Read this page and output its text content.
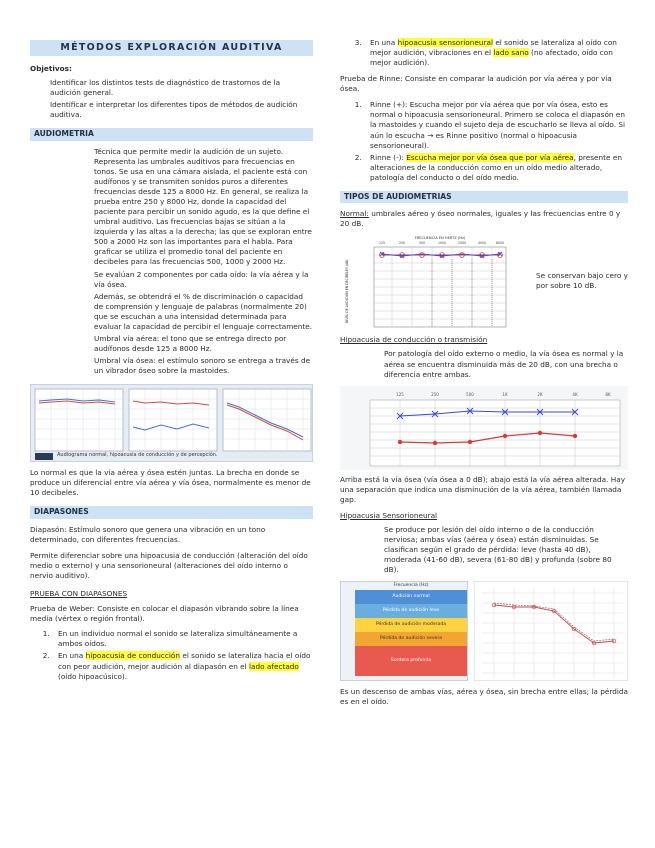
MÉTODOS EXPLORACIÓN AUDITIVA

Objetivos:

Identificar los distintos tests de diagnóstico de trastornos de la audición general.

Identificar e interpretar los diferentes tipos de métodos de audición auditiva.

AUDIOMETRIA

Técnica que permite medir la audición de un sujeto. Representa las umbrales auditivos para frecuencias en tonos. Se usa en una cámara aislada, el paciente está con audífonos y se transmiten sonidos puros a diferentes frecuencias desde 125 a 8000 Hz. En general, se realiza la prueba entre 250 y 8000 Hz, donde la capacidad del paciente para percibir un sonido agudo, es la que define el umbral auditivo. Las frecuencias bajas se sitúan a la izquierda y las altas a la derecha; las que se exploran entre 500 a 2000 Hz son las importantes para el habla. Para graficar se utiliza el promedio tonal del paciente en decibeles para las frecuencias 500, 1000 y 2000 Hz.

Se evalúan 2 componentes por cada oído: la vía aérea y la vía ósea.

Además, se obtendrá el % de discriminación o capacidad de comprensión y lenguaje de palabras (normalmente 20) que se escuchan a una intensidad determinada para evaluar la capacidad de percibir el lenguaje correctamente.

Umbral vía aérea: el tono que se entrega directo por audífonos desde 125 a 8000 Hz.

Umbral vía ósea: el estímulo sonoro se entrega a través de un vibrador óseo sobre la mastoides.

Audiograma normal, hipoacusia de conducción y de percepción.

Lo normal es que la vía aérea y ósea estén juntas. La brecha en donde se produce un diferencial entre vía aérea y vía ósea, normalmente es menor de 10 decibeles.

DIAPASONES

Diapasón: Estímulo sonoro que genera una vibración en un tono determinado, con diferentes frecuencias.

Permite diferenciar sobre una hipoacusia de conducción (alteración del oído medio o externo) y una sensorioneural (alteraciones del oído interno o nervio auditivo).

PRUEBA CON DIAPASONES

Prueba de Weber: Consiste en colocar el diapasón vibrando sobre la línea media (vértex o región frontal).

1. En un individuo normal el sonido se lateraliza simultáneamente a ambos oídos.
2. En una hipoacusia de conducción el sonido se lateraliza hacia el oído con peor audición, mejor audición al diapasón en el lado afectado (oído hipoacúsico).
3. En una hipoacusia sensorioneural el sonido se lateraliza al oído con mejor audición, vibraciones en el lado sano (no afectado, oído con mejor audición).

Prueba de Rinne: Consiste en comparar la audición por vía aérea y por vía ósea.

1. Rinne (+): Escucha mejor por vía aérea que por vía ósea, esto es normal o hipoacusia sensorioneural. Primero se coloca el diapasón en la mastoides y cuando el sujeto deja de escucharlo se lleva al oído. Si aún lo escucha → es Rinne positivo (normal o hipoacusia sensorioneural).
2. Rinne (-): Escucha mejor por vía ósea que por vía aérea, presente en alteraciones de la conducción como en un oído medio alterado, patología del conducto o del oído medio.
TIPOS DE AUDIOMETRIAS

Normal: umbrales aéreo y óseo normales, iguales y las frecuencias entre 0 y 20 dB.

FRECUENCIA EN HERTZ (Hz)
125	250	500	1000	2000	4000	8000
NIVEL DE AUDICIÓN EN DECIBELES (dB)	Se conservan bajo cero y por sobre 10 dB.

Hipoacusia de conducción o transmisión

Por patología del oído externo o medio, la vía ósea es normal y la aérea se encuentra disminuida más de 20 dB, con una brecha o diferencia entre ambas.

125	250	500	1K	2K	4K	8K

Arriba está la vía ósea (vía ósea a 0 dB); abajo está la vía aérea alterada. Hay una separación que indica una disminución de la vía aérea, también llamada gap.

Hipoacusia Sensorioneural

Se produce por lesión del oído interno o de la conducción nerviosa; ambas vías (aérea y ósea) están disminuidas. Se clasifican según el grado de pérdida: leve (hasta 40 dB), moderada (41-60 dB), severa (61-80 dB) y profunda (sobre 80 dB).

Frecuencia (Hz)
Audición normal
Pérdida de audición leve
Pérdida de audición moderada
Pérdida de audición severa
Sordera profunda

Es un descenso de ambas vías, aérea y ósea, sin brecha entre ellas; la pérdida es en el oído.
